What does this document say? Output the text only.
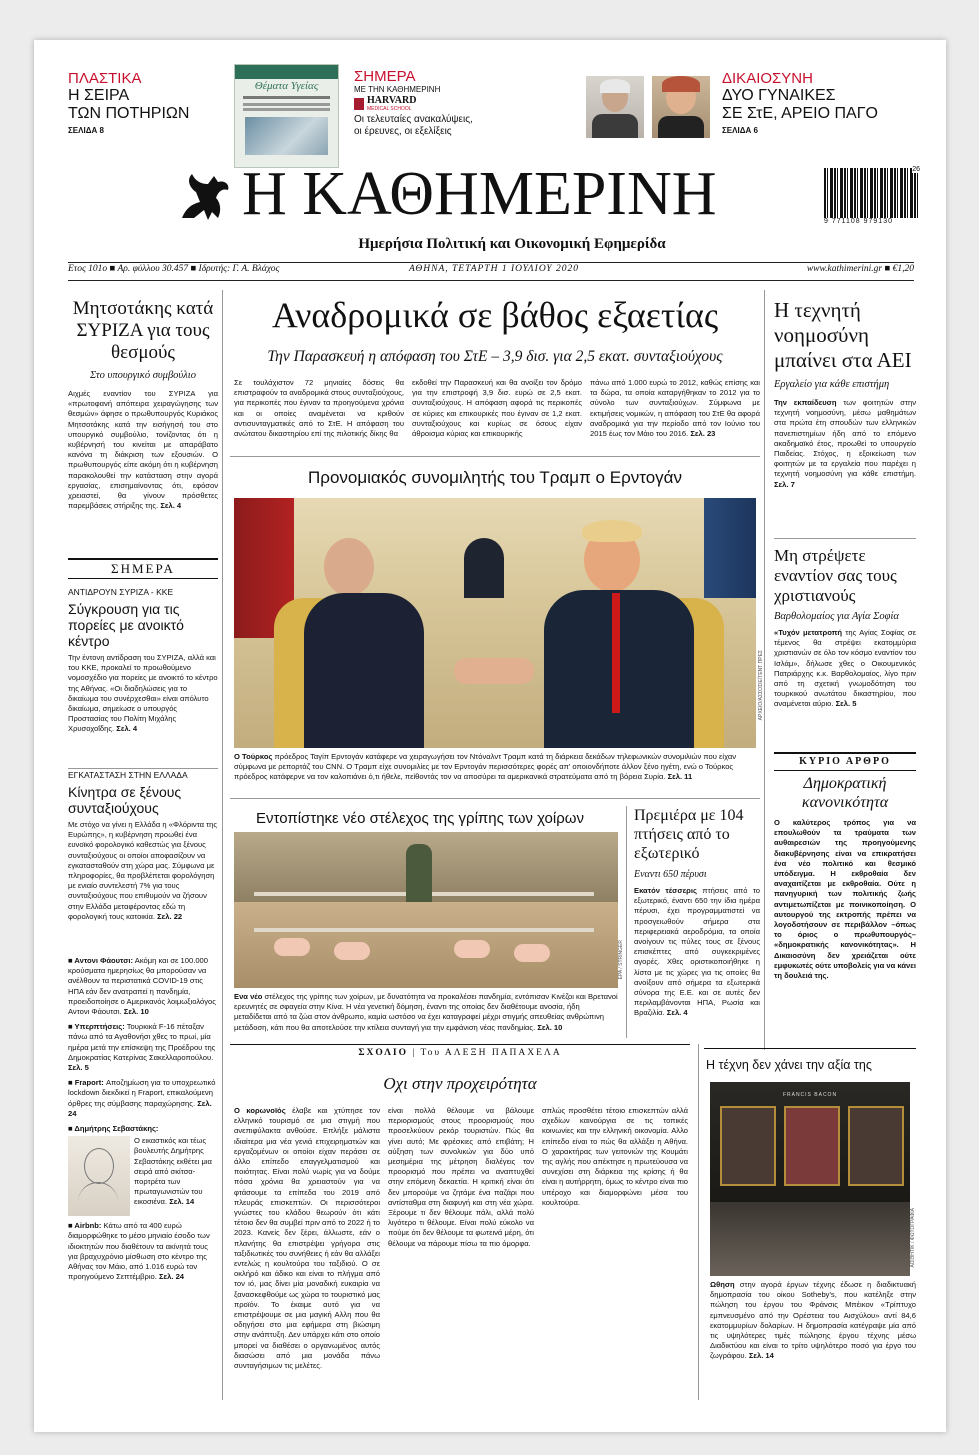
ΠΛΑΣΤΙΚΑ
Η ΣΕΙΡΑ
ΤΩΝ ΠΟΤΗΡΙΩΝ
ΣΕΛΙΔΑ 8
Θέματα Υγείας
ΣΗΜΕΡΑ
ΜΕ ΤΗΝ ΚΑΘΗΜΕΡΙΝΗ
HARVARD
MEDICAL SCHOOL
Οι τελευταίες ανακαλύψεις,
οι έρευνες, οι εξελίξεις
ΔΙΚΑΙΟΣΥΝΗ
ΔΥΟ ΓΥΝΑΙΚΕΣ
ΣΕ ΣτΕ, ΑΡΕΙΟ ΠΑΓΟ
ΣΕΛΙΔΑ 6
Η ΚΑΘΗΜΕΡΙΝΗ
Ημερήσια Πολιτική και Οικονομική Εφημερίδα
9 771108 979130
26
Ετος 101ο ■ Αρ. φύλλου 30.457 ■ Ιδρυτής: Γ. Α. Βλάχος	ΑΘΗΝΑ, ΤΕΤΑΡΤΗ 1 ΙΟΥΛΙΟΥ 2020	www.kathimerini.gr ■ €1,20
Μητσοτάκης κατά ΣΥΡΙΖΑ για τους θεσμούς
Στο υπουργικό συμβούλιο
Αιχμές εναντίον του ΣΥΡΙΖΑ για «πρωτοφανή απόπειρα χειραγώγησης των θεσμών» άφησε ο πρωθυπουργός Κυριάκος Μητσοτάκης κατά την εισήγησή του στο υπουργικό συμβούλιο, τονίζοντας ότι η κυβέρνησή του κινείται με απαράβατο κανόνα τη διάκριση των εξουσιών. Ο πρωθυπουργός είπε ακόμη ότι η κυβέρνηση παρακολουθεί την κατάσταση στην αγορά εργασίας, επισημαίνοντας ότι, εφόσον χρειαστεί, θα γίνουν πρόσθετες παρεμβάσεις στήριξης της. Σελ. 4
ΣΗΜΕΡΑ
ΑΝΤΙΔΡΟΥΝ ΣΥΡΙΖΑ - ΚΚΕ
Σύγκρουση για τις πορείες με ανοικτό κέντρο
Την έντονη αντίδραση του ΣΥΡΙΖΑ, αλλά και του ΚΚΕ, προκαλεί το προωθούμενο νομοσχέδιο για πορείες με ανοικτό το κέντρο της Αθήνας. «Οι διαδηλώσεις για το δικαίωμα του συνέρχεσθαι» είναι απόλυτο δικαίωμα, σημείωσε ο υπουργός Προστασίας του Πολίτη Μιχάλης Χρυσοχοΐδης. Σελ. 4
ΕΓΚΑΤΑΣΤΑΣΗ ΣΤΗΝ ΕΛΛΑΔΑ
Κίνητρα σε ξένους συνταξιούχους
Με στόχο να γίνει η Ελλάδα η «Φλόριντα της Ευρώπης», η κυβέρνηση προωθεί ένα ευνοϊκό φορολογικό καθεστώς για ξένους συνταξιούχους οι οποίοι αποφασίζουν να εγκατασταθούν στη χώρα μας. Σύμφωνα με πληροφορίες, θα προβλέπεται φορολόγηση με ενιαίο συντελεστή 7% για τους συνταξιούχους που επιθυμούν να ζήσουν στην Ελλάδα μεταφέροντας εδώ τη φορολογική τους κατοικία. Σελ. 22
■ Αντονι Φάουτσι: Ακόμη και σε 100.000 κρούσματα ημερησίως θα μπορούσαν να ανέλθουν τα περιστατικά COVID-19 στις ΗΠΑ εάν δεν ανατραπεί η πανδημία, προειδοποίησε ο Αμερικανός λοιμωξιολόγος Αντονι Φάουτσι. Σελ. 10
■ Υπερπτήσεις: Τουρκικά F-16 πέταξαν πάνω από τα Αγαθονήσι χθες το πρωί, μία ημέρα μετά την επίσκεψη της Προέδρου της Δημοκρατίας Κατερίνας Σακελλαροπούλου. Σελ. 5
■ Fraport: Αποζημίωση για το υποχρεωτικό lockdown διεκδικεί η Fraport, επικαλούμενη όρθρες της σύμβασης παραχώρησης. Σελ. 24
■ Δημήτρης Σεβαστάκης:
Ο εικαστικός και τέως βουλευτής Δημήτρης Σεβαστάκης εκθέτει μια σειρά από σκίτσα-πορτρέτα των πρωταγωνιστών του εικοσιένα. Σελ. 14
■ Airbnb: Κάτω από τα 400 ευρώ διαμορφώθηκε το μέσο μηνιαίο έσοδο των ιδιοκτητών που διαθέτουν τα ακίνητά τους για βραχυχρόνιο μίσθωση στο κέντρο της Αθήνας τον Μάιο, από 1.016 ευρώ τον προηγούμενο Σεπτέμβριο. Σελ. 24
Αναδρομικά σε βάθος εξαετίας
Την Παρασκευή η απόφαση του ΣτΕ – 3,9 δισ. για 2,5 εκατ. συνταξιούχους
Σε τουλάχιστον 72 μηνιαίες δόσεις θα επιστραφούν τα αναδρομικά στους συνταξιούχους, για περικοπές που έγιναν τα προηγούμενα χρόνια και οι οποίες αναμένεται να κριθούν αντισυνταγματικές από το ΣτΕ. Η απόφαση του ανώτατου δικαστηρίου επί της πιλοτικής δίκης θα
εκδοθεί την Παρασκευή και θα ανοίξει τον δρόμο για την επιστροφή 3,9 δισ. ευρώ σε 2,5 εκατ. συνταξιούχους. Η απόφαση αφορά τις περικοπές σε κύριες και επικουρικές που έγιναν σε 1,2 εκατ. συνταξιούχους και κυρίως σε όσους είχαν άθροισμα κύριας και επικουρικής
πάνω από 1.000 ευρώ το 2012, καθώς επίσης και τα δώρα, τα οποία καταργήθηκαν το 2012 για το σύνολο των συνταξιούχων. Σύμφωνα με εκτιμήσεις νομικών, η απόφαση του ΣτΕ θα αφορά αναδρομικά για την περίοδο από τον Ιούνιο του 2015 έως τον Μάιο του 2016. Σελ. 23
Προνομιακός συνομιλητής του Τραμπ ο Ερντογάν
ΑΡΧΕΙΟ/ΑΣΣΟΣΙΕΪΤΕΝΤ ΠΡΕΣ
Ο Τούρκος πρόεδρος Ταγίπ Ερντογάν κατάφερε να χειραγωγήσει τον Ντόναλντ Τραμπ κατά τη διάρκεια δεκάδων τηλεφωνικών συνομιλιών που είχαν σύμφωνα με ρεπορτάζ του CNN. Ο Τραμπ είχε συνομιλίες με τον Ερντογάν περισσότερες φορές απ' οποιονδήποτε άλλον ξένο ηγέτη, ενώ ο Τούρκος πρόεδρος κατάφερνε να τον καλοπιάνει ό,τι ήθελε, πείθοντάς τον να αποσύρει τα αμερικανικά στρατεύματα από τη βόρεια Συρία. Σελ. 11
Εντοπίστηκε νέο στέλεχος της γρίπης των χοίρων
EPA / STRINGER
Ενα νέο στέλεχος της γρίπης των χοίρων, με δυνατότητα να προκαλέσει πανδημία, εντόπισαν Κινέζοι και Βρετανοί ερευνητές σε σφαγεία στην Κίνα. Η νέα γενετική δόμηση, έναντι της οποίας δεν διαθέτουμε ανοσία, ήδη μεταδίδεται από τα ζώα στον άνθρωπο, καμία ωστόσο να έχει καταγραφεί μέχρι στιγμής απευθείας ανθρώπινη μετάδοση, κάτι που θα αποτελούσε την κτίλεια συνταγή για την εμφάνιση νέας πανδημίας. Σελ. 10
Πρεμιέρα με 104 πτήσεις από το εξωτερικό
Εναντι 650 πέρυσι
Εκατόν τέσσερις πτήσεις από το εξωτερικό, έναντι 650 την ίδια ημέρα πέρυσι, έχει προγραμματιστεί να προσγειωθούν σήμερα στα περιφερειακά αεροδρόμια, τα οποία ανοίγουν τις πύλες τους σε ξένους επισκέπτες από συγκεκριμένες αγορές. Χθες οριστικοποιήθηκε η λίστα με τις χώρες για τις οποίες θα ανοίξουν από σήμερα τα εξωτερικά σύνορα της Ε.Ε. και σε αυτές δεν περιλαμβάνονται ΗΠΑ, Ρωσία και Βραζιλία. Σελ. 4
ΣΧΟΛΙΟ | Του ΑΛΕΞΗ ΠΑΠΑΧΕΛΑ
Οχι στην προχειρότητα
Ο κορωνοϊός έλαβε και χτύπησε τον ελληνικό τουρισμό σε μια στιγμή που ανεπιφύλακτα ανθούσε. Επλήξε μάλιστα ιδιαίτερα μια νέα γενιά επιχειρηματιών και εργαζομένων οι οποίοι είχαν περάσει σε άλλο επίπεδο επαγγελματισμού και ποιότητας. Είναι πολύ νωρίς για να δούμε πόσα χρόνια θα χρειαστούν για να φτάσουμε τα επίπεδα του 2019 από πλευράς επισκεπτών. Οι περισσότεροι γνώστες του κλάδου θεωρούν ότι κάτι τέτοιο δεν θα συμβεί πριν από το 2022 ή το 2023. Κανείς δεν ξέρει, άλλωστε, εάν ο πλανήτης θα επιστρέψει γρήγορα στις ταξιδιωτικές του συνήθειες ή εάν θα αλλάξει εντελώς η κουλτούρα του ταξιδιού. Ο σε οκλήρό και άδικο και είναι το πλήγμα από τον ιό, μας δίνει μία μοναδική ευκαιρία να ξανασκεφθούμε ως χώρα το τουριστικό μας προϊόν. Το έκαιμε αυτό για να επιστρέψουμε σε μια μαγική Αλλη που θα οδηγήσει στο μια εφήμερα στη βιώσιμη στην ανάπτυξη. Δεν υπάρχει κάτι στο οποίο μπορεί να διαθέσει ο οργανωμένος αυτός διασώσει από μια μονάδα πάνω συνταγήσιμων τις μελέτες.
είναι πολλά θέλουμε να βάλουμε περιορισμούς στους προορισμούς που προσελκύουν ρεκόρ τουριστών. Πώς θα γίνει αυτό; Με φρέσκιες από επιβάτη; Η αύξηση των συνολικών για δύο υπό μεσημέρια της μέτρηση διαλέγεις τον προορισμό που πρέπει να αναπτυχθεί στην επόμενη δεκαετία. Η κριτική είναι ότι δεν μπορούμε να ζητάμε ένα παζάρι που αντίσταθμα στη διαφυγή και στη νέα χώρα. Ξέρουμε τι δεν θέλουμε πάλι, αλλά πολύ λιγότερο τι θέλουμε. Είναι πολύ εύκολο να πούμε ότι δεν θέλουμε τα φωτεινά μέρη, ότι θέλουμε να πάρουμε πίσω τα πιο όμορφα.
σπλώς προσθέτει τέτοιο επισκεπτών αλλά σχεδίων καινούργια σε τις τοπικές κοινωνίες και την ελληνική οικονομία. Αλλο επίπεδο είναι το πώς θα αλλάξει η Αθήνα. Ο χαρακτήρας των γειτονιών της Κουμάτι της αγλής που απέκτησε η πρωτεύουσα να συνεχίσει στη διάρκεια της κρίσης ή θα είναι η αυτήρρητη, όμως το κέντρο είναι πιο υπέροχο και διαμορφώνει μέσα του κουλτούρα.
Η τεχνητή νοημοσύνη μπαίνει στα ΑΕΙ
Εργαλείο για κάθε επιστήμη
Την εκπαίδευση των φοιτητών στην τεχνητή νοημοσύνη, μέσω μαθημάτων στα πρώτα έτη σπουδών των ελληνικών πανεπιστημίων ήδη από το επόμενο ακαδημαϊκό έτος, προωθεί το υπουργείο Παιδείας. Στόχος, η εξοικείωση των φοιτητών με τα εργαλεία που παρέχει η τεχνητή νοημοσύνη για κάθε επιστήμη. Σελ. 7
Μη στρέψετε εναντίον σας τους χριστιανούς
Βαρθολομαίος για Αγία Σοφία
«Τυχόν μετατροπή της Αγίας Σοφίας σε τέμενος θα στρέψει εκατομμύρια χριστιανών σε όλο τον κόσμο εναντίον του Ισλάμ», δήλωσε χθες ο Οικουμενικός Πατριάρχης κ.κ. Βαρθολομαίος, λίγο πριν από τη σχετική γνωμοδότηση του τουρκικού ανωτάτου δικαστηρίου, που αναμένεται αύριο. Σελ. 5
ΚΥΡΙΟ ΑΡΘΡΟ
Δημοκρατική κανονικότητα
Ο καλύτερος τρόπος για να επουλωθούν τα τραύματα των αυθαιρεσιών της προηγούμενης διακυβέρνησης είναι να επικρατήσει ένα νέο πολιτικό και θεσμικό υπόδειγμα. Η εκθροθαία δεν αναχαιτίζεται με εκθροθαία. Ούτε η πανηγυρική των πολιτικής ζωής αντιμετωπίζεται με ποινικοποίηση. Ο αυτουργού της εκτροπής πρέπει να λογοδοτήσουν σε περιβάλλον –όπως το όριος ο πρωθυπουργός– «δημοκρατικής κανονικότητας». Η Δικαιοσύνη δεν χρειάζεται ούτε εμφυκωτές ούτε υποβολείς για να κάνει τη δουλειά της.
Η τέχνη δεν χάνει την αξία της
FRANCIS BACON
ΑΙΣΘΗΤΙΚ / ΦΩΤΟΓΡΑΦΙΑ
Ωθηση στην αγορά έργων τέχνης έδωσε η διαδικτυακή δημοπρασία του οίκου Sotheby's, που κατέληξε στην πώληση του έργου του Φράνσις Μπέικον «Τρίπτυχο εμπνευσμένο από την Ορέστεια του Αισχύλου» αντί 84,6 εκατομμυρίων δολαρίων. Η δημοπρασία κατέγραψε μία από τις υψηλότερες τιμές πώλησης έργου τέχνης μέσω Διαδικτύου και είναι το τρίτο υψηλότερο ποσό για έργο του ζωγράφου. Σελ. 14
